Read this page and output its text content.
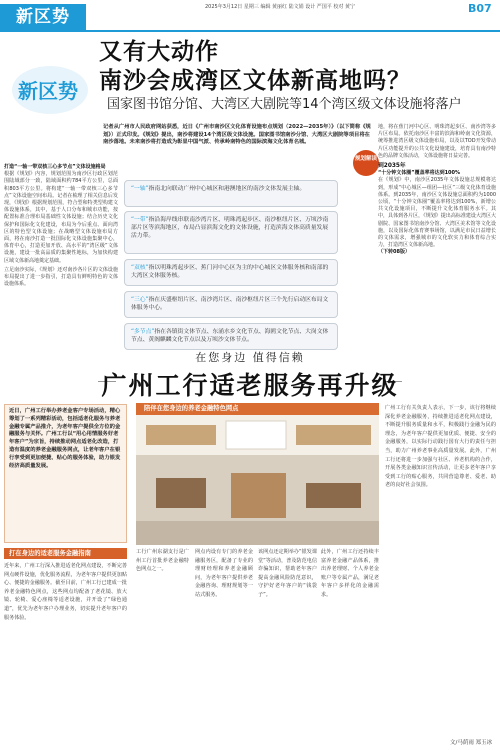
新区势	2025年3月12日 星期三 编辑 黄丽红 陆文娟 设计 严国平 校对 黄宁	B07
新区势
又有大动作
南沙会成湾区文体新高地吗？
国家图书馆分馆、大湾区大剧院等14个湾区级文体设施将落户
记者从广州市人民政府网站获悉，近日《广州市南沙区文化体育设施布点规划（2022—2035年）》（以下简称《规划》）正式印发。《规划》提出，南沙将建设14个湾区级文体设施。国家图书馆南沙分馆、大湾区大剧院等项目将在南沙落地。未来南沙将打造成为彰显中国气派、传承岭南特色的国际滨海文化体育名城。
打造“一轴一带双核三心多节点”文体设施格局
根据《规划》内容，规划范围为南沙区行政区划范围陆域部分一致，陆域面积约784平方公里，总面积803平方公里。将构建“一轴一带双核三心多节点”文体设施空间布局。记者在梳理了相关信息后发现，《规划》根据规划范围，符合型和特类型构建文体设施体系，其中，基于人口分布和城市功能，按配置标准合理布局基础性文体设施；结合历史文化保护和国际化文化建设，布局为今后重点、面向湾区的特色型文体设施；在战略型文体设施布局方面，将在南沙打造一批国际化文体设施集聚中心，体育中心，打造更加开放、高水平的“湾区级”文体设施，建设一批高品质的集聚性地标，为加快构建区域文体新高地奠定基础。
立足南沙实际，《规划》还对南沙各片区的文体设施布局提出了进一步指引，打造具有鲜明特色的文体设施体系。
规划解读
“一轴”指南北向联动广州中心城区和港澳地区的南沙文体发展主轴。
“一带”指沿海岸线串联南沙湾片区、明珠湾起步区、南沙枢纽片区、万顷沙南部片区等滨海地区，布局凸显滨海文化的文体设施，打造滨海文体高质量发展活力带。
“双核”指以明珠湾起步区、蕉门河中心区为主的中心城区文体服务核和南部的大湾区文体服务核。
“三心”指在庆盛枢纽片区、南沙湾片区、南沙枢纽片区三个先行启动区布局文体服务中心。
“多节点”指在各镇街文体节点、东涌水乡文化节点、海鸥文化节点、大岗文体节点、黄阁麒麟文化节点以及万顷沙文体节点。
地，将在蕉门河中心区、明珠湾起步区、南沙湾等多片区布局。依托南沙区丰富的滨海和岭南文化资源，统筹推进湾区级文体设施布局，以及以TOD开发带动片区功能提升的公共文化设施建设，培育具有南沙特色的品牌文体活动，文体设施将日益完善。
到2035年
“十分钟文体圈”覆盖率将达到100%
在《规划》中，南沙区2035年文体设施总规模将达到，形成“中心城区—组团—社区”三级文化体育设施体系。到2035年，南沙区文体设施总面积约为1000公顷，“十分钟文体圈”覆盖率将达到100%，新增公共文化设施项目，不断提升文化体育服务水平。其中，具体到各片区，《规划》提出高标准建设大湾区大剧院、国家图书馆南沙分馆、大湾区美术馆等文化设施，以及国际化体育赛事场馆，以满足市民日益增长的文体需求，增强城市的文化软实力和体育综合实力，打造湾区文体新高地。
（下转08版）
在您身边 值得信赖
广州工行适老服务再升级
近日，广州工行举办养老金客户专场活动，精心筹划了一系列精彩活动，包括适老化服务与养老金融专属产品推介，为老年客户提供全方位的金融服务与关怀。广州工行以“用心用情服务好老年客户”为宗旨，持续推动网点适老化改造，打造有温度的养老金融服务网点，让老年客户在银行享受到更加便捷、贴心的服务体验，助力银发经济高质量发展。
陪伴在您身边的养老金融特色网点
打在身边的适老服务金融指南
近年来，广州工行深入推进适老化网点建设，不断完善网点硬件设施，优化服务流程，为老年客户提供更加贴心、便捷的金融服务。截至目前，广州工行已建成一批养老金融特色网点，这些网点均配备了老花镜、放大镜、轮椅、爱心座椅等适老设施，并开设了“绿色通道”，优先为老年客户办理业务，切实提升老年客户的服务体验。
工行广州东湖支行是广州工行首批养老金融特色网点之一。
网点内设有专门的养老金融服务区，配备了专业的理财经理和养老金融顾问，为老年客户提供养老金融咨询、理财规划等一站式服务。
该网点还定期举办“银发课堂”等活动，普及防范电信诈骗知识，帮助老年客户提高金融风险防范意识，守护好老年客户的“钱袋子”。
此外，广州工行还持续丰富养老金融产品体系，推出养老理财、个人养老金账户等专属产品，满足老年客户多样化的金融需求。
广州工行有关负责人表示，下一步，该行将继续深化养老金融服务，持续推进适老化网点建设，不断提升服务质量和水平，积极践行金融为民的理念，为老年客户提供更加优质、便捷、安全的金融服务，以实际行动践行国有大行的责任与担当，助力广州养老事业高质量发展。此外，广州工行还将进一步加强与社区、养老机构的合作，开展各类金融知识宣传活动，让更多老年客户享受到工行的贴心服务，共同营造尊老、爱老、助老的良好社会氛围。
文/马荫雨 郑玉冰
